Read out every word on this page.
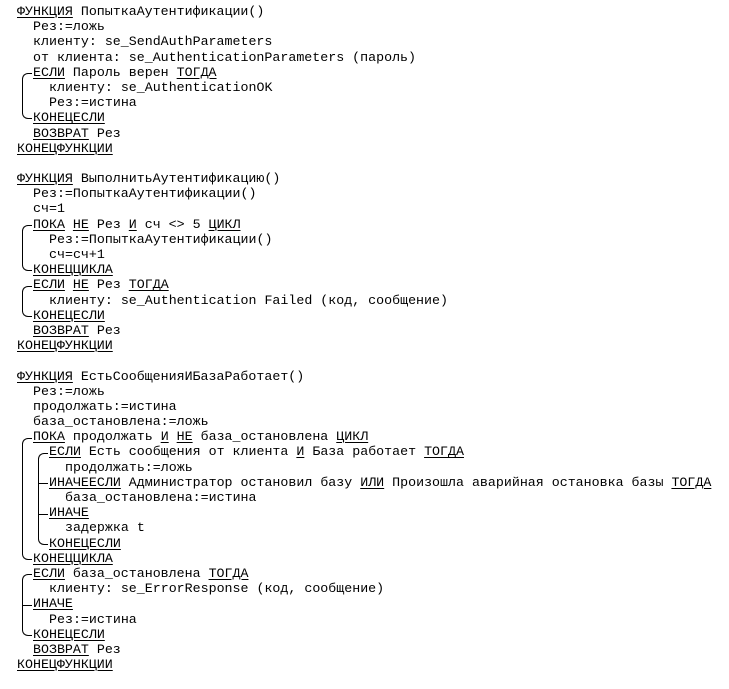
ФУНКЦИЯ ПопыткаАутентификации()
Рез:=ложь
клиенту: se_SendAuthParameters
от клиента: se_AuthenticationParameters (пароль)
ЕСЛИ Пароль верен ТОГДА
клиенту: se_AuthenticationOK
Рез:=истина
КОНЕЦЕСЛИ
ВОЗВРАТ Рез
КОНЕЦФУНКЦИИ
ФУНКЦИЯ ВыполнитьАутентификацию()
Рез:=ПопыткаАутентификации()
сч=1
ПОКА НЕ Рез И сч <> 5 ЦИКЛ
Рез:=ПопыткаАутентификации()
сч=сч+1
КОНЕЦЦИКЛА
ЕСЛИ НЕ Рез ТОГДА
клиенту: se_Authentication Failed (код, сообщение)
КОНЕЦЕСЛИ
ВОЗВРАТ Рез
КОНЕЦФУНКЦИИ
ФУНКЦИЯ ЕстьСообщенияИБазаРаботает()
Рез:=ложь
продолжать:=истина
база_остановлена:=ложь
ПОКА продолжать И НЕ база_остановлена ЦИКЛ
ЕСЛИ Есть сообщения от клиента И База работает ТОГДА
продолжать:=ложь
ИНАЧЕЕСЛИ Администратор остановил базу ИЛИ Произошла аварийная остановка базы ТОГДА
база_остановлена:=истина
ИНАЧЕ
задержка t
КОНЕЦЕСЛИ
КОНЕЦЦИКЛА
ЕСЛИ база_остановлена ТОГДА
клиенту: se_ErrorResponse (код, сообщение)
ИНАЧЕ
Рез:=истина
КОНЕЦЕСЛИ
ВОЗВРАТ Рез
КОНЕЦФУНКЦИИ
